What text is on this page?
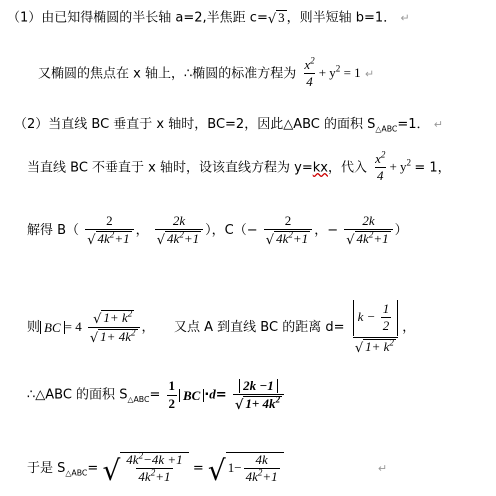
（1）由已知得椭圆的半长轴 a=2,半焦距 c= √ 3 ，则半短轴 b=1． ↵
又椭圆的焦点在 x 轴上，∴椭圆的标准方程为 $\frac{x^2}{4} + y^2 = 1$ ↵
（2）当直线 BC 垂直于 x 轴时，BC=2，因此△ABC 的面积 $S_{\triangle ABC}=1$． ↵
当直线 BC 不垂直于 x 轴时，设该直线方程为 y=kx，代入 $\frac{x^2}{4} + y^2 = 1$，
解得 $B( \frac{2}{√ 4k^2+1}$ ， $\frac{2k}{√ 4k^2+1}$ ），$C(- \frac{2}{√ 4k^2+1}$ ，− $\frac{2k}{√ 4k^2+1}$ ）
则 BC = $4 \frac{√ 1+ k^2}{√ 1+ 4k^2}$ ，　　又点 A 到直线 BC 的距离 $d= \frac{k - \frac{1}{2}}{√ 1+ k^2}$ ，
∴△ABC 的面积 $S_{\triangle ABC}= \frac{1}{2}$ BC $\cdot d= \frac{2k -1}{√ 1+ 4k^2}$
于是 $S_{\triangle ABC}=$ √ $\frac{4k^2-4k +1}{4k^2+1}$ = √ $1- \frac{4k}{4k^2+1}$	↵
